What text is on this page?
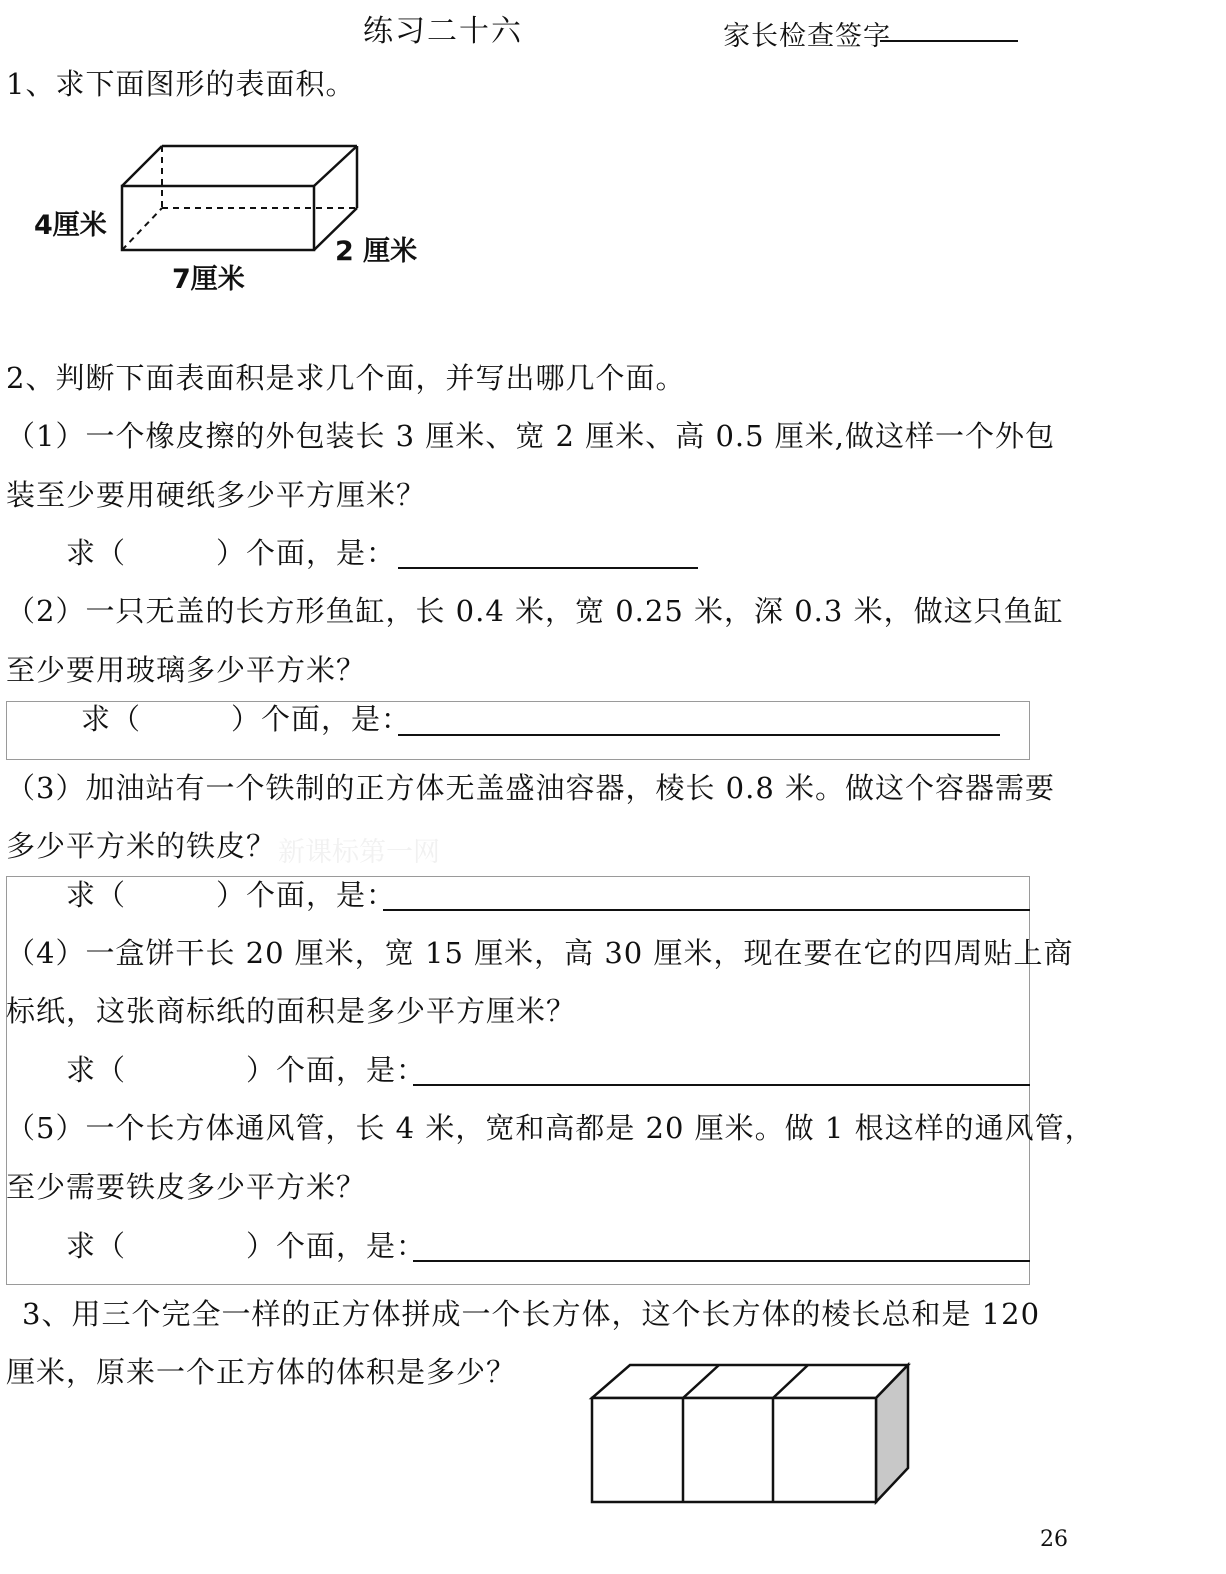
练习二十六	家长检查签字
1、求下面图形的表面积。
4厘米
7厘米
2 厘米
2、判断下面表面积是求几个面，并写出哪几个面。
（1）一个橡皮擦的外包装长 3 厘米、宽 2 厘米、高 0.5 厘米,做这样一个外包
装至少要用硬纸多少平方厘米？
求（　　　）个面，是：
（2）一只无盖的长方形鱼缸，长 0.4 米，宽 0.25 米，深 0.3 米，做这只鱼缸
至少要用玻璃多少平方米？
求（　　　）个面，是：
（3）加油站有一个铁制的正方体无盖盛油容器，棱长 0.8 米。做这个容器需要
多少平方米的铁皮？ 新课标第一网
求（　　　）个面，是：
（4）一盒饼干长 20 厘米，宽 15 厘米，高 30 厘米，现在要在它的四周贴上商
标纸，这张商标纸的面积是多少平方厘米？
求（　　　　）个面，是：
（5）一个长方体通风管，长 4 米，宽和高都是 20 厘米。做 1 根这样的通风管，
至少需要铁皮多少平方米？
求（　　　　）个面，是：
3、用三个完全一样的正方体拼成一个长方体，这个长方体的棱长总和是 120
厘米，原来一个正方体的体积是多少？
26
